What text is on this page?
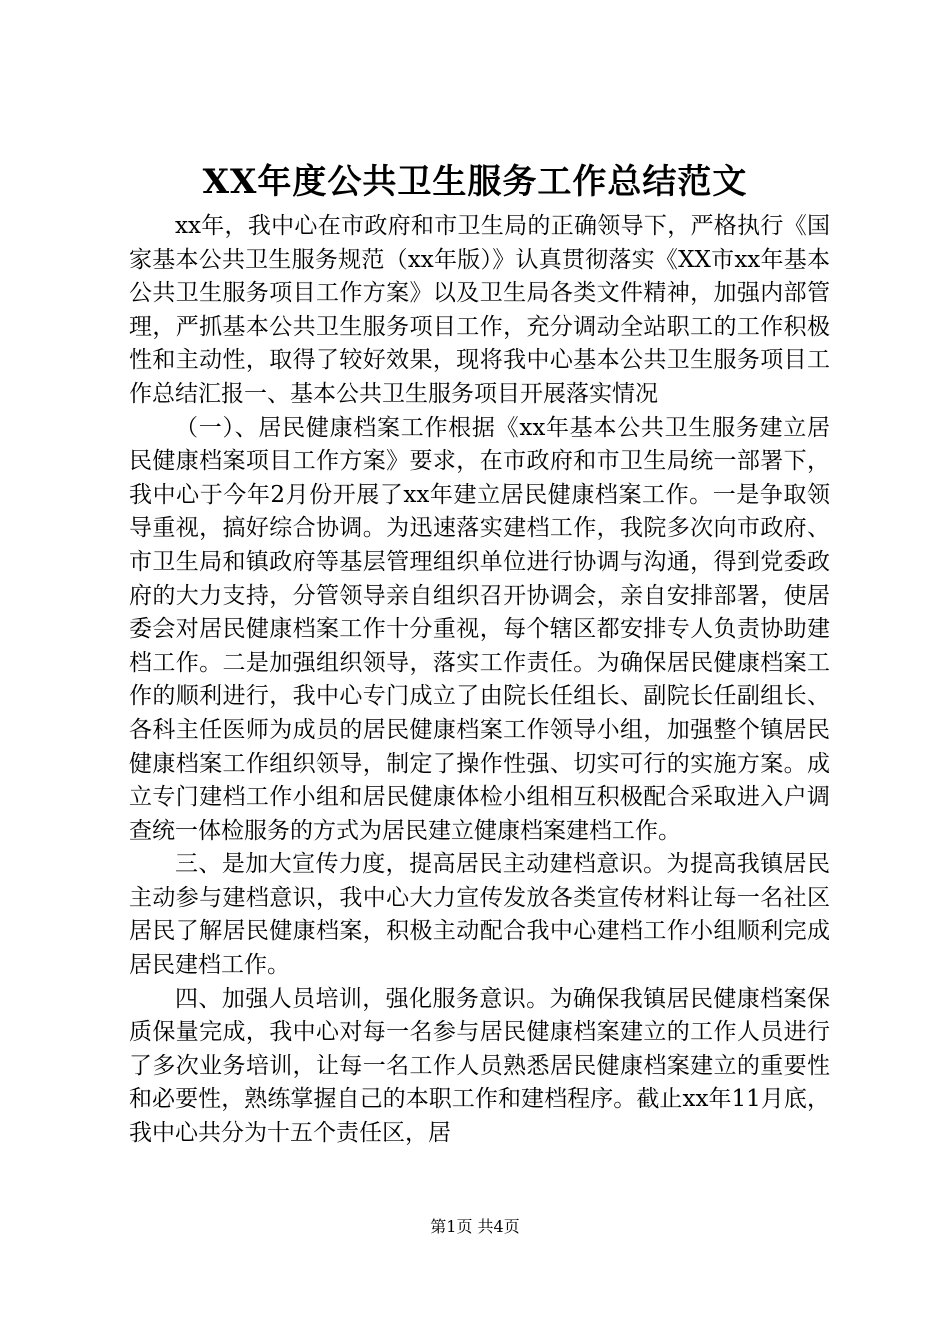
XX年度公共卫生服务工作总结范文

xx年，我中心在市政府和市卫生局的正确领导下，严格执行《国家基本公共卫生服务规范（xx年版）》认真贯彻落实《XX市xx年基本公共卫生服务项目工作方案》以及卫生局各类文件精神，加强内部管理，严抓基本公共卫生服务项目工作，充分调动全站职工的工作积极性和主动性，取得了较好效果，现将我中心基本公共卫生服务项目工作总结汇报一、基本公共卫生服务项目开展落实情况

（一）、居民健康档案工作根据《xx年基本公共卫生服务建立居民健康档案项目工作方案》要求，在市政府和市卫生局统一部署下，我中心于今年2月份开展了xx年建立居民健康档案工作。一是争取领导重视，搞好综合协调。为迅速落实建档工作，我院多次向市政府、市卫生局和镇政府等基层管理组织单位进行协调与沟通，得到党委政府的大力支持，分管领导亲自组织召开协调会，亲自安排部署，使居委会对居民健康档案工作十分重视，每个辖区都安排专人负责协助建档工作。二是加强组织领导，落实工作责任。为确保居民健康档案工作的顺利进行，我中心专门成立了由院长任组长、副院长任副组长、各科主任医师为成员的居民健康档案工作领导小组，加强整个镇居民健康档案工作组织领导，制定了操作性强、切实可行的实施方案。成立专门建档工作小组和居民健康体检小组相互积极配合采取进入户调查统一体检服务的方式为居民建立健康档案建档工作。

三、是加大宣传力度，提高居民主动建档意识。为提高我镇居民主动参与建档意识，我中心大力宣传发放各类宣传材料让每一名社区居民了解居民健康档案，积极主动配合我中心建档工作小组顺利完成居民建档工作。

四、加强人员培训，强化服务意识。为确保我镇居民健康档案保质保量完成，我中心对每一名参与居民健康档案建立的工作人员进行了多次业务培训，让每一名工作人员熟悉居民健康档案建立的重要性和必要性，熟练掌握自己的本职工作和建档程序。截止xx年11月底，我中心共分为十五个责任区，居

第1页 共4页
